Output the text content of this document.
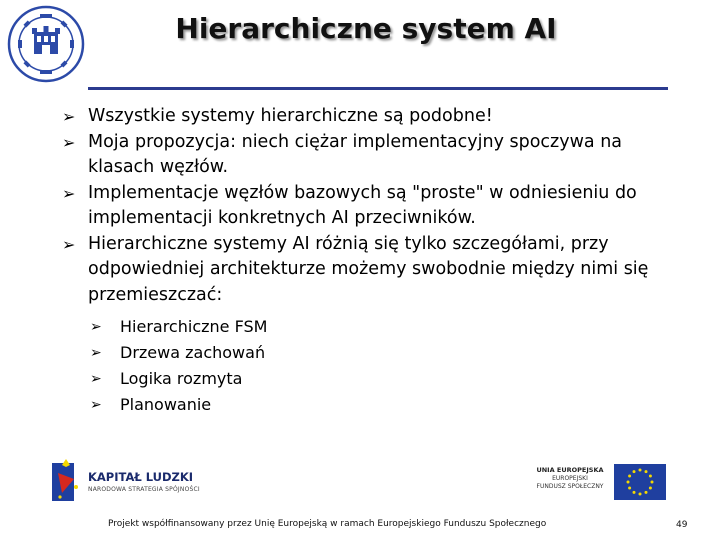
Hierarchiczne system AI
➢ Wszystkie systemy hierarchiczne są podobne!
➢ Moja propozycja: niech ciężar implementacyjny spoczywa na klasach węzłów.
➢ Implementacje węzłów bazowych są "proste" w odniesieniu do implementacji konkretnych AI przeciwników.
➢ Hierarchiczne systemy AI różnią się tylko szczegółami, przy odpowiedniej architekturze możemy swobodnie między nimi się przemieszczać:
➢ Hierarchiczne FSM
➢ Drzewa zachowań
➢ Logika rozmyta
➢ Planowanie
KAPITAŁ LUDZKI
NARODOWA STRATEGIA SPÓJNOŚCI
UNIA EUROPEJSKA
EUROPEJSKI
FUNDUSZ SPOŁECZNY
Projekt współfinansowany przez Unię Europejską w ramach Europejskiego Funduszu Społecznego	49
